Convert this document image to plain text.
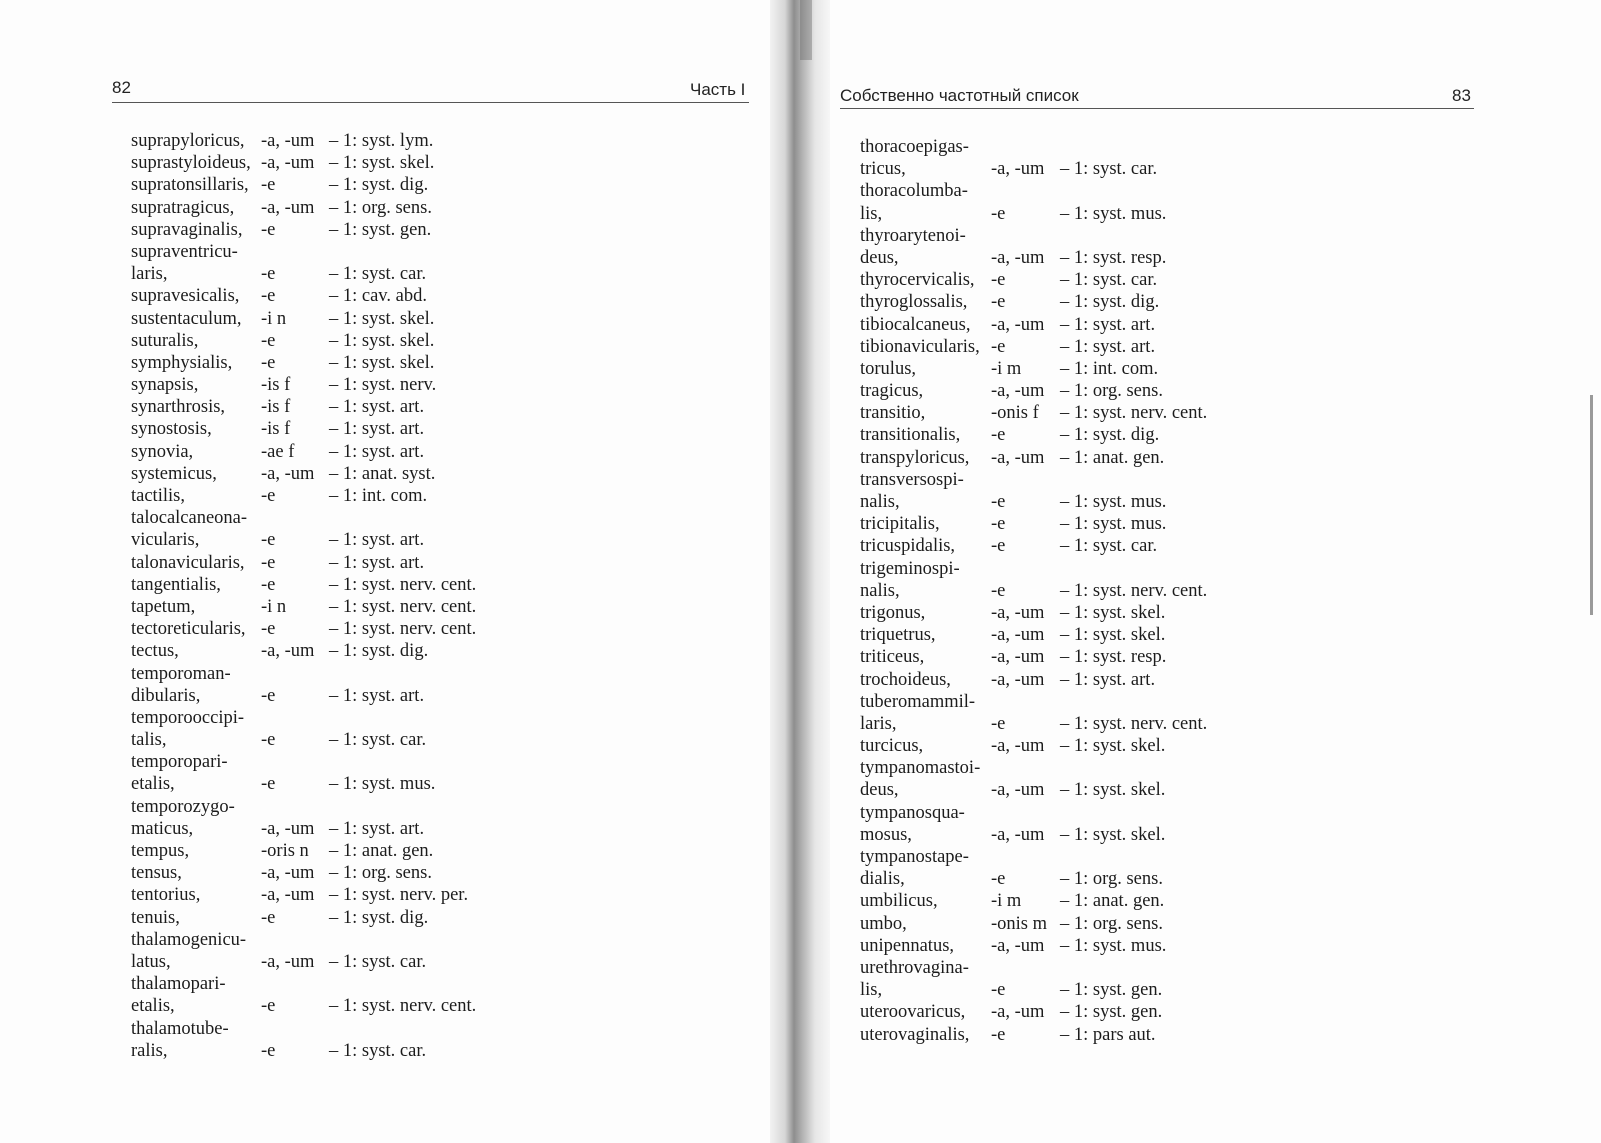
82	Часть I	Собственно частотный список	83
suprapyloricus, -a, -um – 1: syst. lym.
suprastyloideus, -a, -um – 1: syst. skel.
supratonsillaris, -e	– 1: syst. dig.
supratragicus, -a, -um – 1: org. sens.
supravaginalis, -e	– 1: syst. gen.
supraventricu-
laris,	-e	– 1: syst. car.
supravesicalis, -e	– 1: cav. abd.
sustentaculum, -i n – 1: syst. skel.
suturalis,	-e	– 1: syst. skel.
symphysialis, -e	– 1: syst. skel.
synapsis,	-is f – 1: syst. nerv.
synarthrosis, -is f – 1: syst. art.
synostosis,	-is f – 1: syst. art.
synovia,	-ae f – 1: syst. art.
systemicus, -a, -um – 1: anat. syst.
tactilis,	-e	– 1: int. com.
talocalcaneona-
vicularis,	-e	– 1: syst. art.
talonavicularis, -e	– 1: syst. art.
tangentialis, -e	– 1: syst. nerv. cent.
tapetum,	-i n – 1: syst. nerv. cent.
tectoreticularis, -e	– 1: syst. nerv. cent.
tectus,	-a, -um – 1: syst. dig.
temporoman-
dibularis,	-e	– 1: syst. art.
temporooccipi-
talis,	-e	– 1: syst. car.
temporopari-
etalis,	-e	– 1: syst. mus.
temporozygo-
maticus,	-a, -um – 1: syst. art.
tempus,	-oris n – 1: anat. gen.
tensus,	-a, -um – 1: org. sens.
tentorius,	-a, -um – 1: syst. nerv. per.
tenuis,	-e	– 1: syst. dig.
thalamogenicu-
latus,	-a, -um – 1: syst. car.
thalamopari-
etalis,	-e	– 1: syst. nerv. cent.
thalamotube-
ralis,	-e	– 1: syst. car.
thoracoepigas-
tricus,	-a, -um – 1: syst. car.
thoracolumba-
lis,	-e	– 1: syst. mus.
thyroarytenoi-
deus,	-a, -um – 1: syst. resp.
thyrocervicalis, -e	– 1: syst. car.
thyroglossalis, -e	– 1: syst. dig.
tibiocalcaneus, -a, -um – 1: syst. art.
tibionavicularis, -e	– 1: syst. art.
torulus,	-i m – 1: int. com.
tragicus,	-a, -um – 1: org. sens.
transitio,	-onis f – 1: syst. nerv. cent.
transitionalis, -e	– 1: syst. dig.
transpyloricus, -a, -um – 1: anat. gen.
transversospi-
nalis,	-e	– 1: syst. mus.
tricipitalis,	-e	– 1: syst. mus.
tricuspidalis, -e	– 1: syst. car.
trigeminospi-
nalis,	-e	– 1: syst. nerv. cent.
trigonus,	-a, -um – 1: syst. skel.
triquetrus,	-a, -um – 1: syst. skel.
triticeus,	-a, -um – 1: syst. resp.
trochoideus, -a, -um – 1: syst. art.
tuberomammil-
laris,	-e	– 1: syst. nerv. cent.
turcicus,	-a, -um – 1: syst. skel.
tympanomastoi-
deus,	-a, -um – 1: syst. skel.
tympanosqua-
mosus,	-a, -um – 1: syst. skel.
tympanostape-
dialis,	-e	– 1: org. sens.
umbilicus,	-i m – 1: anat. gen.
umbo,	-onis m – 1: org. sens.
unipennatus, -a, -um – 1: syst. mus.
urethrovagina-
lis,	-e	– 1: syst. gen.
uteroovaricus, -a, -um – 1: syst. gen.
uterovaginalis, -e	– 1: pars aut.
